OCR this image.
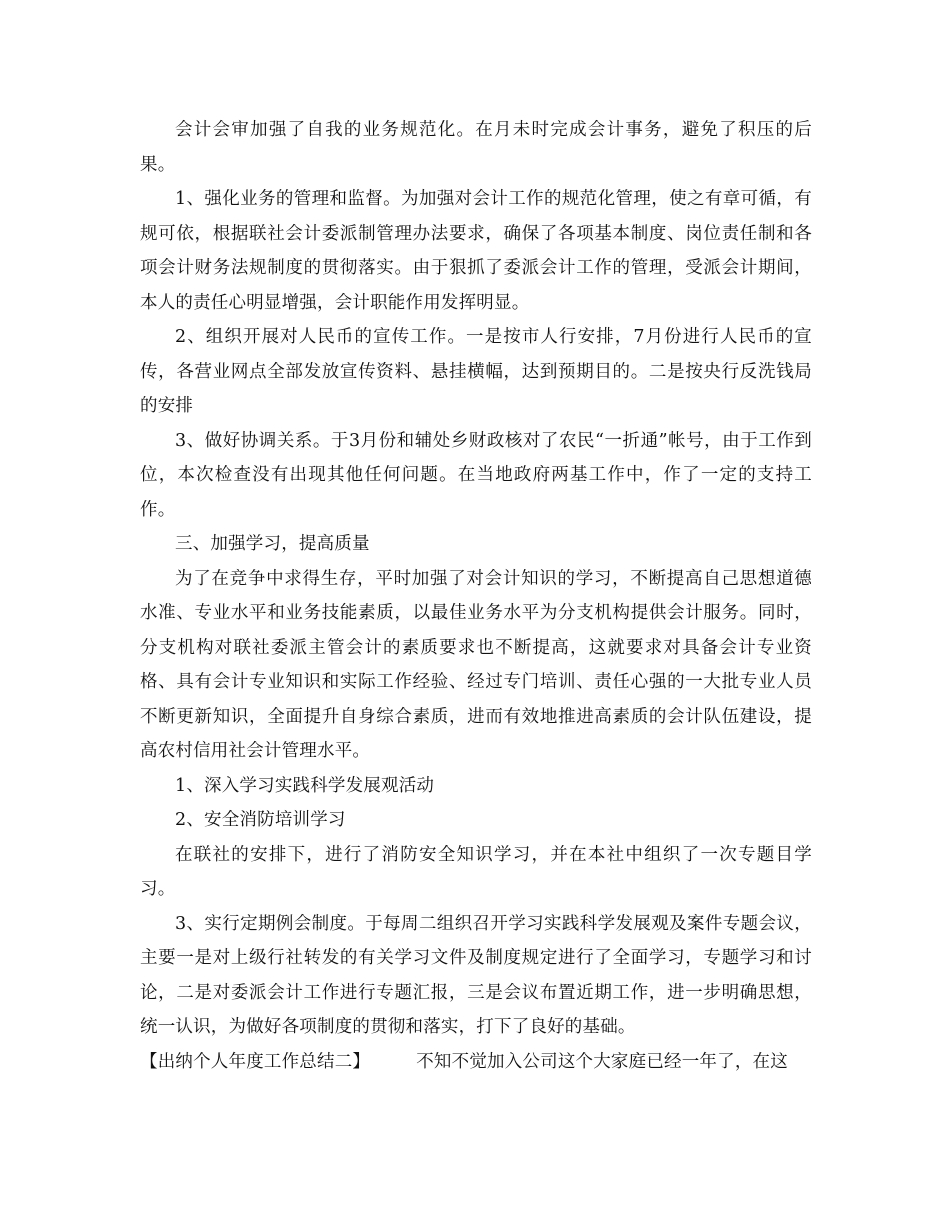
会计会审加强了自我的业务规范化。在月未时完成会计事务，避免了积压的后果。

1、强化业务的管理和监督。为加强对会计工作的规范化管理，使之有章可循，有规可依，根据联社会计委派制管理办法要求，确保了各项基本制度、岗位责任制和各项会计财务法规制度的贯彻落实。由于狠抓了委派会计工作的管理，受派会计期间，本人的责任心明显增强，会计职能作用发挥明显。

2、组织开展对人民币的宣传工作。一是按市人行安排，7月份进行人民币的宣传，各营业网点全部发放宣传资料、悬挂横幅，达到预期目的。二是按央行反洗钱局的安排

3、做好协调关系。于3月份和辅处乡财政核对了农民“一折通”帐号，由于工作到位，本次检查没有出现其他任何问题。在当地政府两基工作中，作了一定的支持工作。

三、加强学习，提高质量

为了在竞争中求得生存，平时加强了对会计知识的学习，不断提高自己思想道德水准、专业水平和业务技能素质，以最佳业务水平为分支机构提供会计服务。同时，分支机构对联社委派主管会计的素质要求也不断提高，这就要求对具备会计专业资格、具有会计专业知识和实际工作经验、经过专门培训、责任心强的一大批专业人员不断更新知识，全面提升自身综合素质，进而有效地推进高素质的会计队伍建设，提高农村信用社会计管理水平。

1、深入学习实践科学发展观活动

2、安全消防培训学习

在联社的安排下，进行了消防安全知识学习，并在本社中组织了一次专题目学习。

3、实行定期例会制度。于每周二组织召开学习实践科学发展观及案件专题会议，主要一是对上级行社转发的有关学习文件及制度规定进行了全面学习，专题学习和讨论，二是对委派会计工作进行专题汇报，三是会议布置近期工作，进一步明确思想，统一认识，为做好各项制度的贯彻和落实，打下了良好的基础。

【出纳个人年度工作总结二】	不知不觉加入公司这个大家庭已经一年了，在这
